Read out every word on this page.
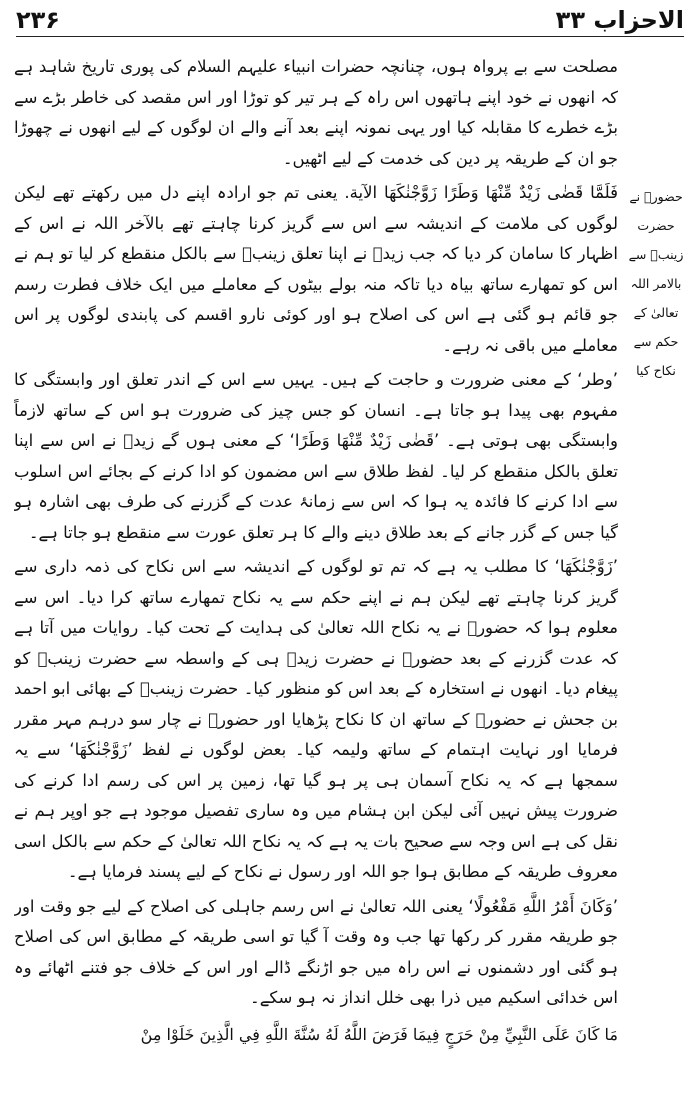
۲۳۶	الاحزاب ۳۳
حضورؐ نے حضرت زینبؓ سے بالامر اللہ تعالیٰ کے حکم سے نکاح کیا

مصلحت سے بے پرواہ ہوں، چنانچہ حضرات انبیاء علیہم السلام کی پوری تاریخ شاہد ہے کہ انھوں نے خود اپنے ہاتھوں اس راہ کے ہر تیر کو توڑا اور اس مقصد کی خاطر بڑے سے بڑے خطرے کا مقابلہ کیا اور یہی نمونہ اپنے بعد آنے والے ان لوگوں کے لیے انھوں نے چھوڑا جو ان کے طریقہ پر دین کی خدمت کے لیے اٹھیں۔

فَلَمَّا قَضٰى زَيْدٌ مِّنْهَا وَطَرًا زَوَّجْنٰكَهَا الآية. یعنی تم جو ارادہ اپنے دل میں رکھتے تھے لیکن لوگوں کی ملامت کے اندیشہ سے اس سے گریز کرنا چاہتے تھے بالآخر اللہ نے اس کے اظہار کا سامان کر دیا کہ جب زیدؓ نے اپنا تعلق زینبؓ سے بالکل منقطع کر لیا تو ہم نے اس کو تمھارے ساتھ بیاہ دیا تاکہ منہ بولے بیٹوں کے معاملے میں ایک خلاف فطرت رسم جو قائم ہو گئی ہے اس کی اصلاح ہو اور کوئی نارو اقسم کی پابندی لوگوں پر اس معاملے میں باقی نہ رہے۔

’وطر‘ کے معنی ضرورت و حاجت کے ہیں۔ یہیں سے اس کے اندر تعلق اور وابستگی کا مفہوم بھی پیدا ہو جاتا ہے۔ انسان کو جس چیز کی ضرورت ہو اس کے ساتھ لازماً وابستگی بھی ہوتی ہے۔ ’قَضٰى زَيْدٌ مِّنْهَا وَطَرًا‘ کے معنی ہوں گے زیدؓ نے اس سے اپنا تعلق بالکل منقطع کر لیا۔ لفظ طلاق سے اس مضمون کو ادا کرنے کے بجائے اس اسلوب سے ادا کرنے کا فائدہ یہ ہوا کہ اس سے زمانۂ عدت کے گزرنے کی طرف بھی اشارہ ہو گیا جس کے گزر جانے کے بعد طلاق دینے والے کا ہر تعلق عورت سے منقطع ہو جاتا ہے۔

’زَوَّجْنٰكَهَا‘ کا مطلب یہ ہے کہ تم تو لوگوں کے اندیشہ سے اس نکاح کی ذمہ داری سے گریز کرنا چاہتے تھے لیکن ہم نے اپنے حکم سے یہ نکاح تمھارے ساتھ کرا دیا۔ اس سے معلوم ہوا کہ حضورؐ نے یہ نکاح اللہ تعالیٰ کی ہدایت کے تحت کیا۔ روایات میں آتا ہے کہ عدت گزرنے کے بعد حضورؐ نے حضرت زیدؓ ہی کے واسطہ سے حضرت زینبؓ کو پیغام دیا۔ انھوں نے استخارہ کے بعد اس کو منظور کیا۔ حضرت زینبؓ کے بھائی ابو احمد بن جحش نے حضورؐ کے ساتھ ان کا نکاح پڑھایا اور حضورؐ نے چار سو درہم مہر مقرر فرمایا اور نہایت اہتمام کے ساتھ ولیمہ کیا۔ بعض لوگوں نے لفظ ’زَوَّجْنٰكَهَا‘ سے یہ سمجھا ہے کہ یہ نکاح آسمان ہی پر ہو گیا تھا، زمین پر اس کی رسم ادا کرنے کی ضرورت پیش نہیں آئی لیکن ابن ہشام میں وہ ساری تفصیل موجود ہے جو اوپر ہم نے نقل کی ہے اس وجہ سے صحیح بات یہ ہے کہ یہ نکاح اللہ تعالیٰ کے حکم سے بالکل اسی معروف طریقہ کے مطابق ہوا جو اللہ اور رسول نے نکاح کے لیے پسند فرمایا ہے۔

’وَكَانَ أَمْرُ اللَّهِ مَفْعُولًا‘ یعنی اللہ تعالیٰ نے اس رسم جاہلی کی اصلاح کے لیے جو وقت اور جو طریقہ مقرر کر رکھا تھا جب وہ وقت آ گیا تو اسی طریقہ کے مطابق اس کی اصلاح ہو گئی اور دشمنوں نے اس راہ میں جو اڑنگے ڈالے اور اس کے خلاف جو فتنے اٹھائے وہ اس خدائی اسکیم میں ذرا بھی خلل انداز نہ ہو سکے۔

مَا كَانَ عَلَى النَّبِيِّ مِنْ حَرَجٍ فِيمَا فَرَضَ اللَّهُ لَهُ سُنَّةَ اللَّهِ فِي الَّذِينَ خَلَوْا مِنْ
